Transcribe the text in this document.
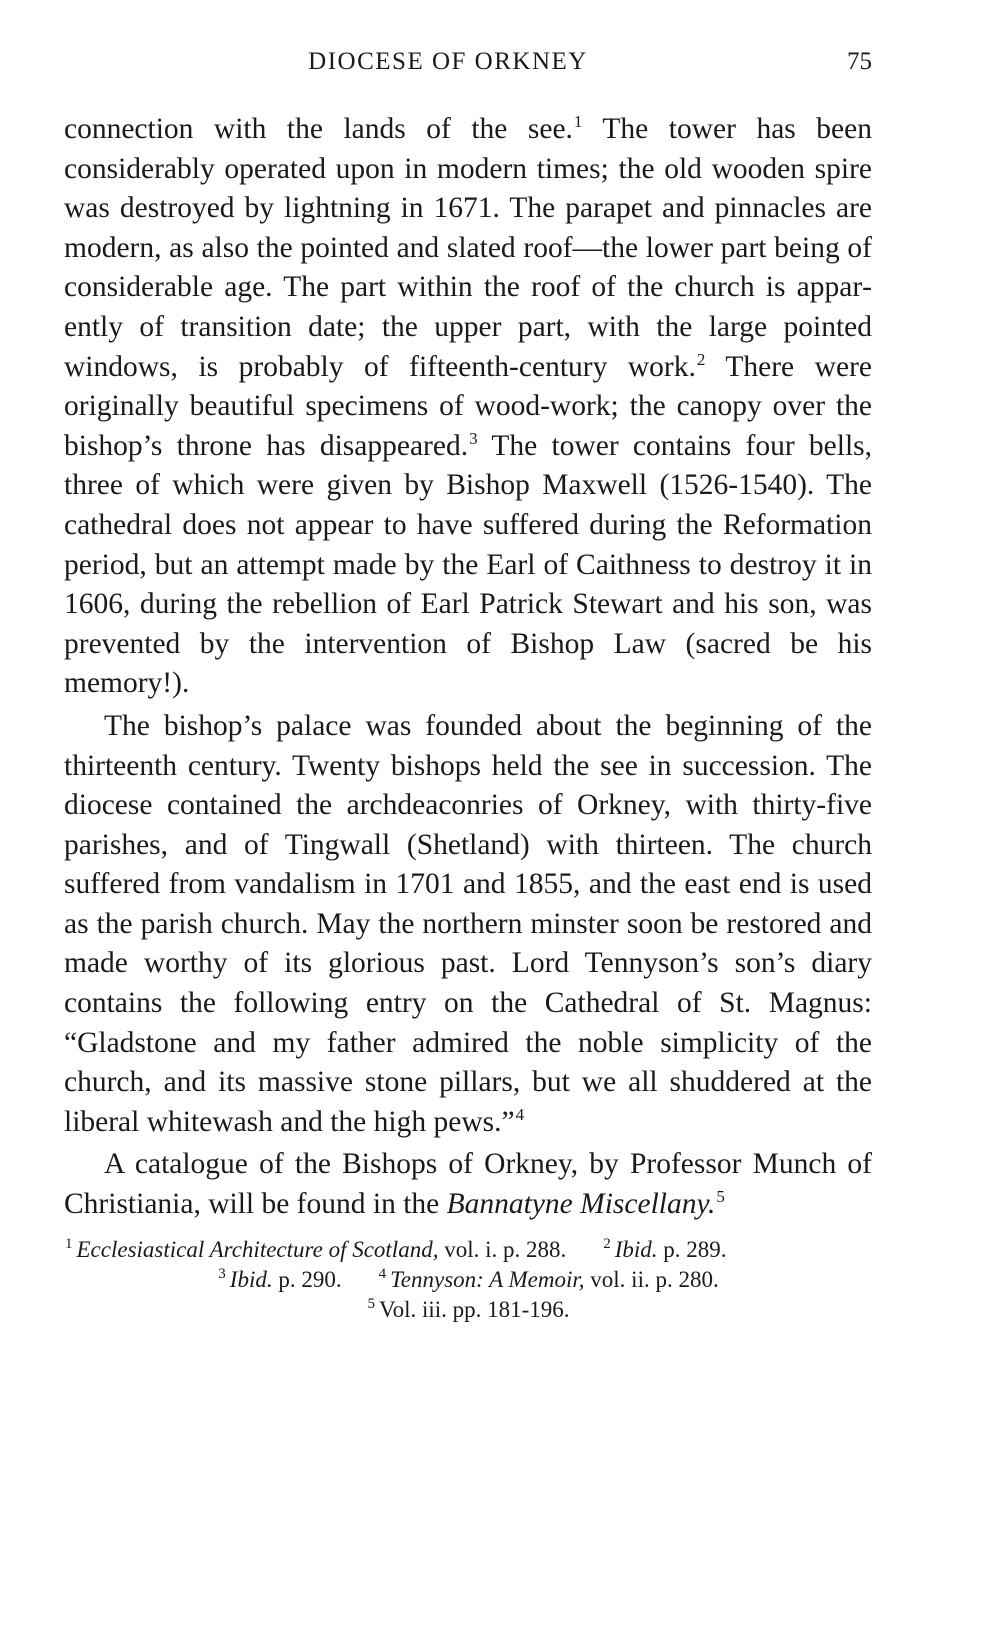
DIOCESE OF ORKNEY	75

connection with the lands of the see.$^1$ The tower has been considerably operated upon in modern times; the old wooden spire was destroyed by lightning in 1671. The parapet and pinnacles are modern, as also the pointed and slated roof—the lower part being of considerable age. The part within the roof of the church is apparently of transition date; the upper part, with the large pointed windows, is probably of fifteenth-century work.$^2$ There were originally beautiful specimens of wood-work; the canopy over the bishop’s throne has disappeared.$^3$ The tower contains four bells, three of which were given by Bishop Maxwell (1526-1540). The cathedral does not appear to have suffered during the Reformation period, but an attempt made by the Earl of Caithness to destroy it in 1606, during the rebellion of Earl Patrick Stewart and his son, was prevented by the intervention of Bishop Law (sacred be his memory!).

The bishop’s palace was founded about the beginning of the thirteenth century. Twenty bishops held the see in succession. The diocese contained the archdeaconries of Orkney, with thirty-five parishes, and of Tingwall (Shetland) with thirteen. The church suffered from vandalism in 1701 and 1855, and the east end is used as the parish church. May the northern minster soon be restored and made worthy of its glorious past. Lord Tennyson’s son’s diary contains the following entry on the Cathedral of St. Magnus: “Gladstone and my father admired the noble simplicity of the church, and its massive stone pillars, but we all shuddered at the liberal whitewash and the high pews.”$^4$

A catalogue of the Bishops of Orkney, by Professor Munch of Christiania, will be found in the Bannatyne Miscellany.$^5$

$^1$ Ecclesiastical Architecture of Scotland, vol. i. p. 288. $^2$ Ibid. p. 289.
$^3$ Ibid. p. 290. $^4$ Tennyson: A Memoir, vol. ii. p. 280.
$^5$ Vol. iii. pp. 181-196.
